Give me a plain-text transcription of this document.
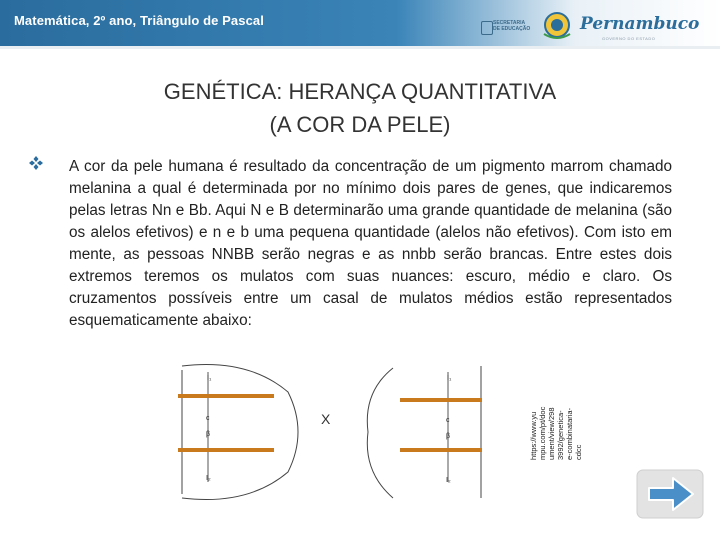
Matemática, 2º ano, Triângulo de Pascal	SECRETARIA
DE EDUCAÇÃO	Pernambuco
GOVERNO DO ESTADO
GENÉTICA: HERANÇA QUANTITATIVA
(A COR DA PELE)
A cor da pele humana é resultado da concentração de um pigmento marrom chamado melanina a qual é determinada por no mínimo dois pares de genes, que indicaremos pelas letras Nn e Bb. Aqui N e B determinarão uma grande quantidade de melanina (são os alelos efetivos) e n e b uma pequena quantidade (alelos não efetivos). Com isto em mente, as pessoas NNBB serão negras e as nnbb serão brancas. Entre estes dois extremos teremos os mulatos com suas nuances: escuro, médio e claro. Os cruzamentos possíveis entre um casal de mulatos médios estão representados esquematicamente abaixo:
I₁
c
β
I₂
X
I₁
c
β
I₂
https://www.yu mpu.com/pt/doc ument/view/298 3992/genetica- e-combinataria- cdcc
